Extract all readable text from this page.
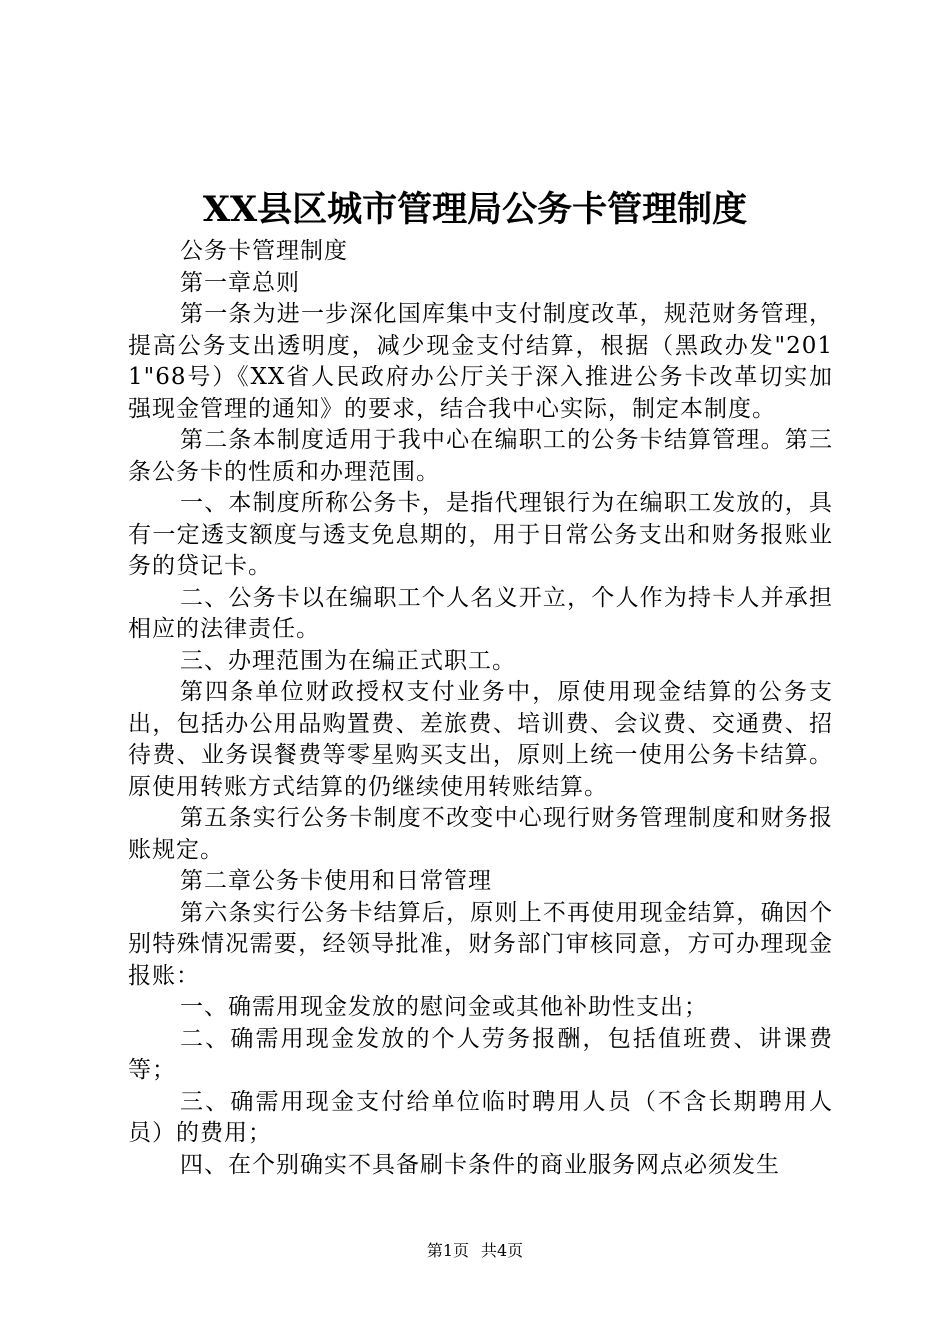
XX县区城市管理局公务卡管理制度

公务卡管理制度

第一章总则

第一条为进一步深化国库集中支付制度改革，规范财务管理，提高公务支出透明度，减少现金支付结算，根据（黑政办发"2011"68号）《XX省人民政府办公厅关于深入推进公务卡改革切实加强现金管理的通知》的要求，结合我中心实际，制定本制度。

第二条本制度适用于我中心在编职工的公务卡结算管理。第三条公务卡的性质和办理范围。

一、本制度所称公务卡，是指代理银行为在编职工发放的，具有一定透支额度与透支免息期的，用于日常公务支出和财务报账业务的贷记卡。

二、公务卡以在编职工个人名义开立，个人作为持卡人并承担相应的法律责任。

三、办理范围为在编正式职工。

第四条单位财政授权支付业务中，原使用现金结算的公务支出，包括办公用品购置费、差旅费、培训费、会议费、交通费、招待费、业务误餐费等零星购买支出，原则上统一使用公务卡结算。原使用转账方式结算的仍继续使用转账结算。

第五条实行公务卡制度不改变中心现行财务管理制度和财务报账规定。

第二章公务卡使用和日常管理

第六条实行公务卡结算后，原则上不再使用现金结算，确因个别特殊情况需要，经领导批准，财务部门审核同意，方可办理现金报账：

一、确需用现金发放的慰问金或其他补助性支出；

二、确需用现金发放的个人劳务报酬，包括值班费、讲课费等；

三、确需用现金支付给单位临时聘用人员（不含长期聘用人员）的费用；

四、在个别确实不具备刷卡条件的商业服务网点必须发生

第1页 共4页
